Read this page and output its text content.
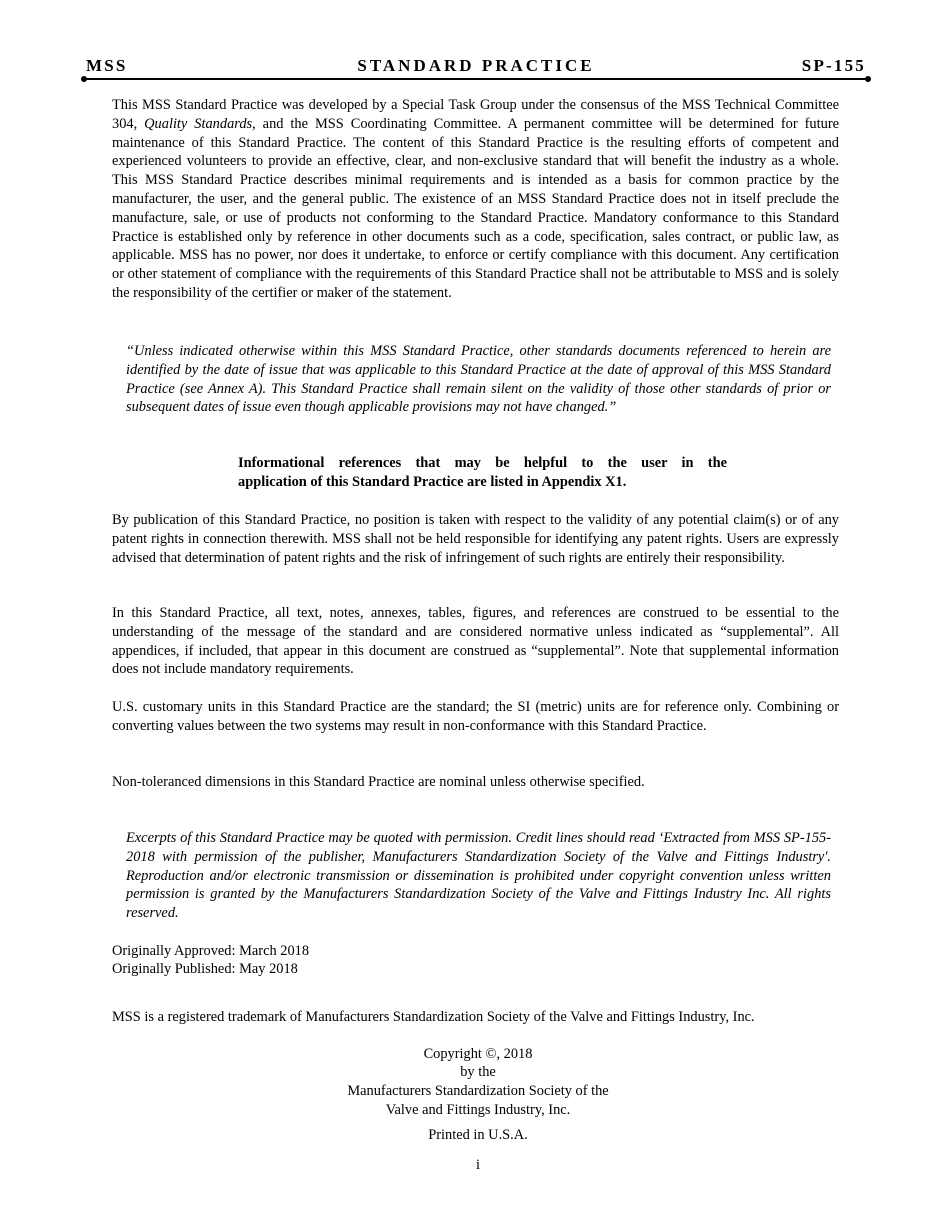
MSS	STANDARD PRACTICE	SP-155

This MSS Standard Practice was developed by a Special Task Group under the consensus of the MSS Technical Committee 304, Quality Standards, and the MSS Coordinating Committee. A permanent committee will be determined for future maintenance of this Standard Practice. The content of this Standard Practice is the resulting efforts of competent and experienced volunteers to provide an effective, clear, and non-exclusive standard that will benefit the industry as a whole. This MSS Standard Practice describes minimal requirements and is intended as a basis for common practice by the manufacturer, the user, and the general public. The existence of an MSS Standard Practice does not in itself preclude the manufacture, sale, or use of products not conforming to the Standard Practice. Mandatory conformance to this Standard Practice is established only by reference in other documents such as a code, specification, sales contract, or public law, as applicable. MSS has no power, nor does it undertake, to enforce or certify compliance with this document. Any certification or other statement of compliance with the requirements of this Standard Practice shall not be attributable to MSS and is solely the responsibility of the certifier or maker of the statement.

“Unless indicated otherwise within this MSS Standard Practice, other standards documents referenced to herein are identified by the date of issue that was applicable to this Standard Practice at the date of approval of this MSS Standard Practice (see Annex A). This Standard Practice shall remain silent on the validity of those other standards of prior or subsequent dates of issue even though applicable provisions may not have changed.”
Informational references that may be helpful to the user in the
application of this Standard Practice are listed in Appendix X1.

By publication of this Standard Practice, no position is taken with respect to the validity of any potential claim(s) or of any patent rights in connection therewith. MSS shall not be held responsible for identifying any patent rights. Users are expressly advised that determination of patent rights and the risk of infringement of such rights are entirely their responsibility.

In this Standard Practice, all text, notes, annexes, tables, figures, and references are construed to be essential to the understanding of the message of the standard and are considered normative unless indicated as “supplemental”. All appendices, if included, that appear in this document are construed as “supplemental”. Note that supplemental information does not include mandatory requirements.

U.S. customary units in this Standard Practice are the standard; the SI (metric) units are for reference only. Combining or converting values between the two systems may result in non-conformance with this Standard Practice.

Non-toleranced dimensions in this Standard Practice are nominal unless otherwise specified.
Excerpts of this Standard Practice may be quoted with permission. Credit lines should read ‘Extracted from MSS SP-155-2018 with permission of the publisher, Manufacturers Standardization Society of the Valve and Fittings Industry'. Reproduction and/or electronic transmission or dissemination is prohibited under copyright convention unless written permission is granted by the Manufacturers Standardization Society of the Valve and Fittings Industry Inc. All rights reserved.
Originally Approved: March 2018
Originally Published: May 2018
MSS is a registered trademark of Manufacturers Standardization Society of the Valve and Fittings Industry, Inc.
Copyright ©, 2018
by the
Manufacturers Standardization Society of the
Valve and Fittings Industry, Inc.
Printed in U.S.A.
i
